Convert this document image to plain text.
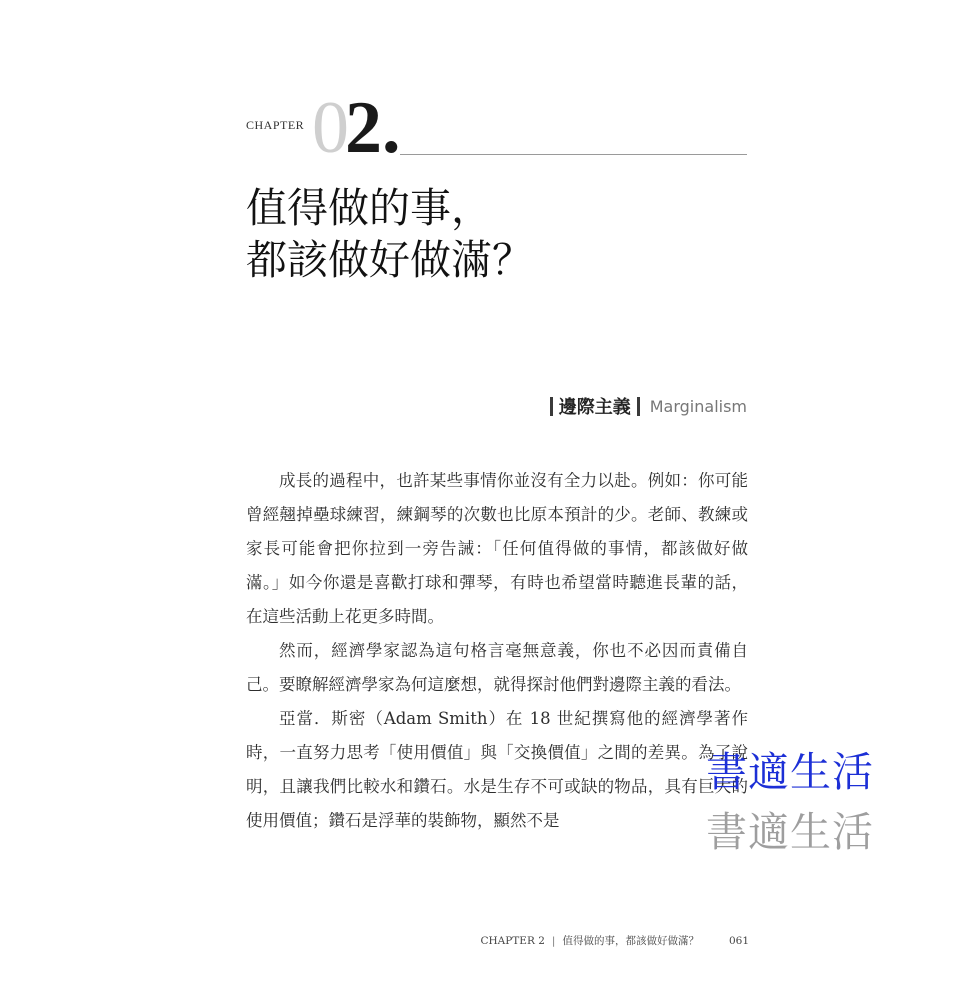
CHAPTER 02.
值得做的事，
都該做好做滿？
邊際主義 Marginalism

成長的過程中，也許某些事情你並沒有全力以赴。例如：你可能曾經翹掉壘球練習，練鋼琴的次數也比原本預計的少。老師、教練或家長可能會把你拉到一旁告誡：「任何值得做的事情，都該做好做滿。」如今你還是喜歡打球和彈琴，有時也希望當時聽進長輩的話，在這些活動上花更多時間。

然而，經濟學家認為這句格言毫無意義，你也不必因而責備自己。要瞭解經濟學家為何這麼想，就得探討他們對邊際主義的看法。

亞當．斯密（Adam Smith）在 18 世紀撰寫他的經濟學著作時，一直努力思考「使用價值」與「交換價值」之間的差異。為了說明，且讓我們比較水和鑽石。水是生存不可或缺的物品，具有巨大的使用價值；鑽石是浮華的裝飾物，顯然不是

書適生活
書適生活
CHAPTER 2 | 值得做的事，都該做好做滿？	061
